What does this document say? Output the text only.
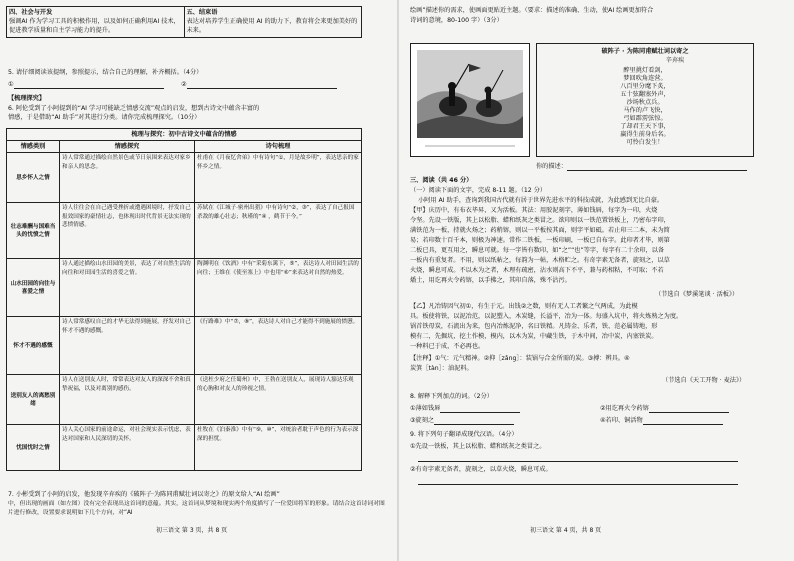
四、社会与开发
强调AI 作为学习工具的积极作用，以及如何正确利用AI 技术，促进教学质量和自主学习能力的提升。

五、结束语
表达对培养学生正确使用 AI 的助力下，教育将会来更加美好的未来。
5. 请仔细阅读该提纲，参照提示，结合自己的理解，补齐概括。（4分）
①	②
【梳理探究】
6. 阿伦受到了小阿提到的“AI 学习可能缺乏情感交流”观点的启发，想到古诗文中蕴含丰富的
情感，于是借助“AI 助手”对其进行分类。请你完成梳理探究。（10分）
梳理与探究：初中古诗文中蕴含的情感		
情感类别	情感探究	诗句梳理
思乡怀人之情	诗人常常通过描绘自然景色或节日氛围来表达对家乡和亲人的思念。	杜甫在《月夜忆舍弟》中有诗句“①，月是故乡明”，表达思亲的家怀乡之情。
壮志难酬与国难当头的忧愤之情	诗人往往会在自己遇受挫折或遭遇困境时，抒发自己报效国家的豪情壮志，也体现出时代背景无法实现的悲愤情感。	苏轼在《江城子·密州出猎》中有诗句“②，③”，表达了自己报国杀敌的雄心壮志；秋瑾的“④ ，鹤节于今。”
山水田园的向往与喜爱之情	诗人通过描绘山水田园的美景，表达了对自然生活的向往和对田园生活的喜爱之情。	陶渊明在《饮酒》中有“采菊东篱下，⑤”，表达诗人对田园生活的向往；王维在《使至塞上》中也用“⑥”来表达对自然的热爱。
怀才不遇的感慨	诗人常常感叹自己的才华无法得到施展，抒发对自己怀才不遇的感慨。	《行路难》中“⑦，⑧”，表达诗人对自己才能得不到施展的愤懑。
送别友人的离愁别绪	诗人在送别友人时，常常表达对友人的深深不舍和真挚祝福，以及对离别的感伤。	《送杜少府之任蜀州》中，王勃在送别友人，展现诗人豁达乐观的心胸和对友人的珍视之情。
忧国忧时之情	诗人关心国家的前途命运，对社会现实表示忧虑，表达对国家和人民深切的关怀。	杜牧在《泊秦淮》中有“⑨，⑩”，对统治者耽于声色的行为表示深深的担忧。
7. 小彬受到了小阿的启发，他发现辛弃疾的《破阵子·为陈同甫赋壮词以寄之》的原文给人“AI 绘画”
中，但出现的画面（如左图）没有完全表现出这首词的意蕴。其实，这首词从梦境和现实两个角度描写了一位爱国将军的形象。请结合这首诗词对图片进行修改，设置要求说明如下几个方向，对“AI
初三语文 第 3 页，共 8 页
绘画”描述你的需求，使画面更贴近主题。（要求：描述的准确、生动，使AI 绘画更加符合
诗词的意境，80-100 字）（3分）
破阵子 · 为陈同甫赋壮词以寄之
辛弃疾
醉里挑灯看剑，
梦回吹角连营。
八百里分麾下炙，
五十弦翻塞外声，
沙场秋点兵。
马作的卢飞快，
弓如霹雳弦惊。
了却君王天下事，
赢得生前身后名。
可怜白发生！
你的描述：
三、阅读（共 46 分）
（一）阅读下面的文字，完成 8-11 题。（12 分）
小阿用 AI 助手，查询到我国古代就有居于世界先进水平的科技成就，为此感到无比自豪。
【甲】庆历中，有布衣毕昇，又为活板。其法：用胶泥刻字，薄如钱唇，每字为一印，火烧
令坚。先设一铁版，其上以松脂、蜡和纸灰之类冒之。欲印则以一铁范置铁板上，乃密布字印，
满铁范为一板，持就火炀之；药稍镕，则以一平板按其面，则字平如砥。若止印三二本，未为简
易；若印数十百千本，则极为神速。常作二铁板，一板印刷，一板已自布字。此印者才毕，则第
二板已具，更互用之，瞬息可就。每一字皆有数印，如“之”“也”等字，每字有二十余印，以备
一板内有重复者。不用，则以纸帖之，每韵为一帖，木格贮之。有奇字素无备者，旋刻之，以草
火烧，瞬息可成。不以木为之者，木理有疏密，沾水则高下不平，兼与药相粘，不可取；不若
燔土，用讫再火令药镕，以手拂之，其印自落，殊不沾污。
（节选自《梦溪笔谈 · 活板》）
【乙】凡冶铸因气初①，有生于元。出钱②之数，则有无人工者繁之气两成，为此模
具。板使将铁，以泥冶范，以泥塑入，木炭缝，长溢平，冶为一体。每盛入坑中，将火炼熟之为度。
锅首铁母炭，石流出为来，包内冶炼泥净，名曰铁精。凡铸金、乐者，铁、范必属铸地，形
模有二，先掘坑，挖土作模，模内，以木为炭，中藏生铁，于木中间，冶中炭，内塞铁炭。
一种料已于成，不必再也。
【注释】①气：元气精神。②抑［zǎng］：装锅与合金所需的炭。③搏：辨具。④
炭箕［tàn］：油泥料。
（节选自《天工开物 · 麦法》）
8. 解释下列加点的词。（2分）
①薄如钱唇	②用讫再火令药镕
③旋刻之	④若印、铜活物
9. 将下列句子翻译成现代汉语。（4分）
①先设一铁板，其上以松脂、蜡和纸灰之类冒之。
②有奇字素无备者，旋刻之，以草火烧，瞬息可成。
初三语文 第 4 页，共 8 页
